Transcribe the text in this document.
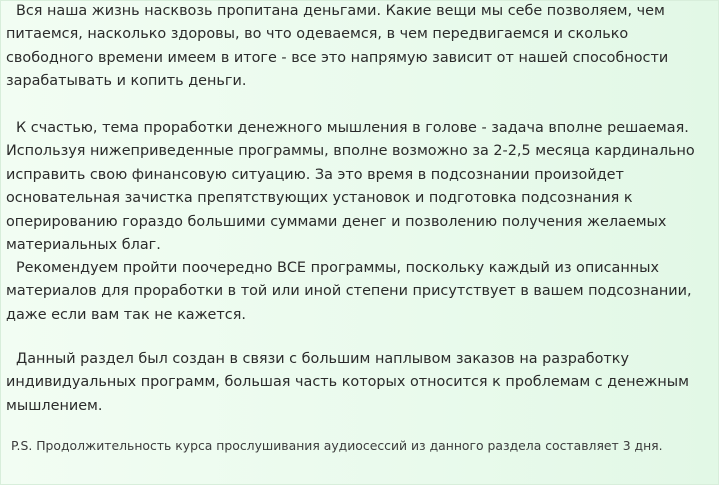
Вся наша жизнь насквозь пропитана деньгами. Какие вещи мы себе позволяем, чем питаемся, насколько здоровы, во что одеваемся, в чем передвигаемся и сколько свободного времени имеем в итоге - все это напрямую зависит от нашей способности зарабатывать и копить деньги.

К счастью, тема проработки денежного мышления в голове - задача вполне решаемая. Используя нижеприведенные программы, вполне возможно за 2-2,5 месяца кардинально исправить свою финансовую ситуацию. За это время в подсознании произойдет основательная зачистка препятствующих установок и подготовка подсознания к оперированию гораздо большими суммами денег и позволению получения желаемых материальных благ.

Рекомендуем пройти поочередно ВСЕ программы, поскольку каждый из описанных материалов для проработки в той или иной степени присутствует в вашем подсознании, даже если вам так не кажется.

Данный раздел был создан в связи с большим наплывом заказов на разработку индивидуальных программ, большая часть которых относится к проблемам с денежным мышлением.

P.S. Продолжительность курса прослушивания аудиосессий из данного раздела составляет 3 дня.
